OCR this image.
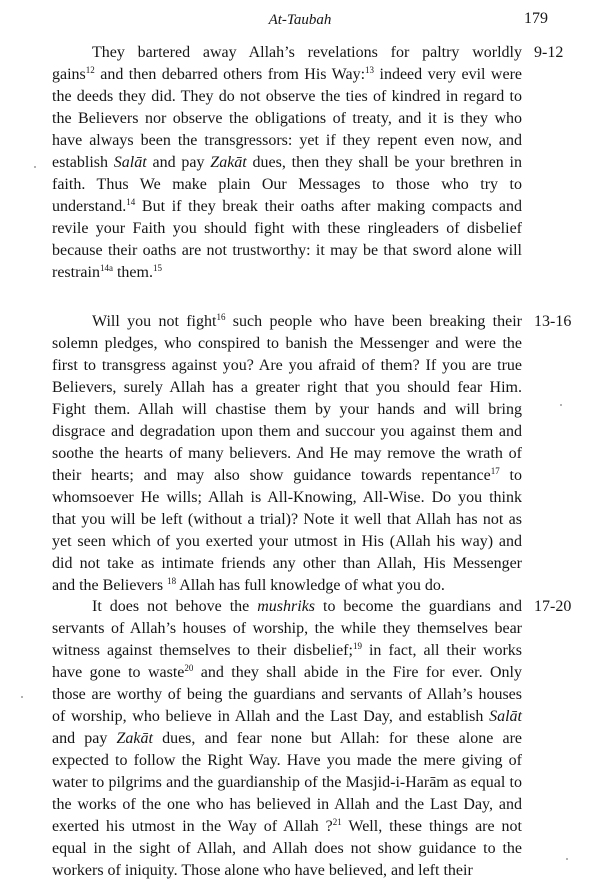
At-Taubah	179
They bartered away Allah’s revelations for paltry worldly
gains$^{12}$ and then debarred others from His Way:$^{13}$ indeed very evil were
the deeds they did. They do not observe the ties of kindred in regard to
the Believers nor observe the obligations of treaty, and it is they who
have always been the transgressors: yet if they repent even now, and
establish Salāt and pay Zakāt dues, then they shall be your brethren in
faith. Thus We make plain Our Messages to those who try to
understand.$^{14}$ But if they break their oaths after making compacts and
revile your Faith you should fight with these ringleaders of disbelief
because their oaths are not trustworthy: it may be that sword alone will
restrain$^{14a}$ them.$^{15}$
9-12
Will you not fight$^{16}$ such people who have been breaking their
solemn pledges, who conspired to banish the Messenger and were the
first to transgress against you? Are you afraid of them? If you are true
Believers, surely Allah has a greater right that you should fear Him.
Fight them. Allah will chastise them by your hands and will bring
disgrace and degradation upon them and succour you against them and
soothe the hearts of many believers. And He may remove the wrath of
their hearts; and may also show guidance towards repentance$^{17}$ to
whomsoever He wills; Allah is All-Knowing, All-Wise. Do you think
that you will be left (without a trial)? Note it well that Allah has not as
yet seen which of you exerted your utmost in His (Allah his way) and
did not take as intimate friends any other than Allah, His Messenger
and the Believers $^{18}$ Allah has full knowledge of what you do.
13-16
It does not behove the mushriks to become the guardians and
servants of Allah’s houses of worship, the while they themselves bear
witness against themselves to their disbelief;$^{19}$ in fact, all their works
have gone to waste$^{20}$ and they shall abide in the Fire for ever. Only
those are worthy of being the guardians and servants of Allah’s houses
of worship, who believe in Allah and the Last Day, and establish Salāt
and pay Zakāt dues, and fear none but Allah: for these alone are
expected to follow the Right Way. Have you made the mere giving of
water to pilgrims and the guardianship of the Masjid-i-Harām as equal to
the works of the one who has believed in Allah and the Last Day, and
exerted his utmost in the Way of Allah ?$^{21}$ Well, these things are not
equal in the sight of Allah, and Allah does not show guidance to the
workers of iniquity. Those alone who have believed, and left their
17-20
